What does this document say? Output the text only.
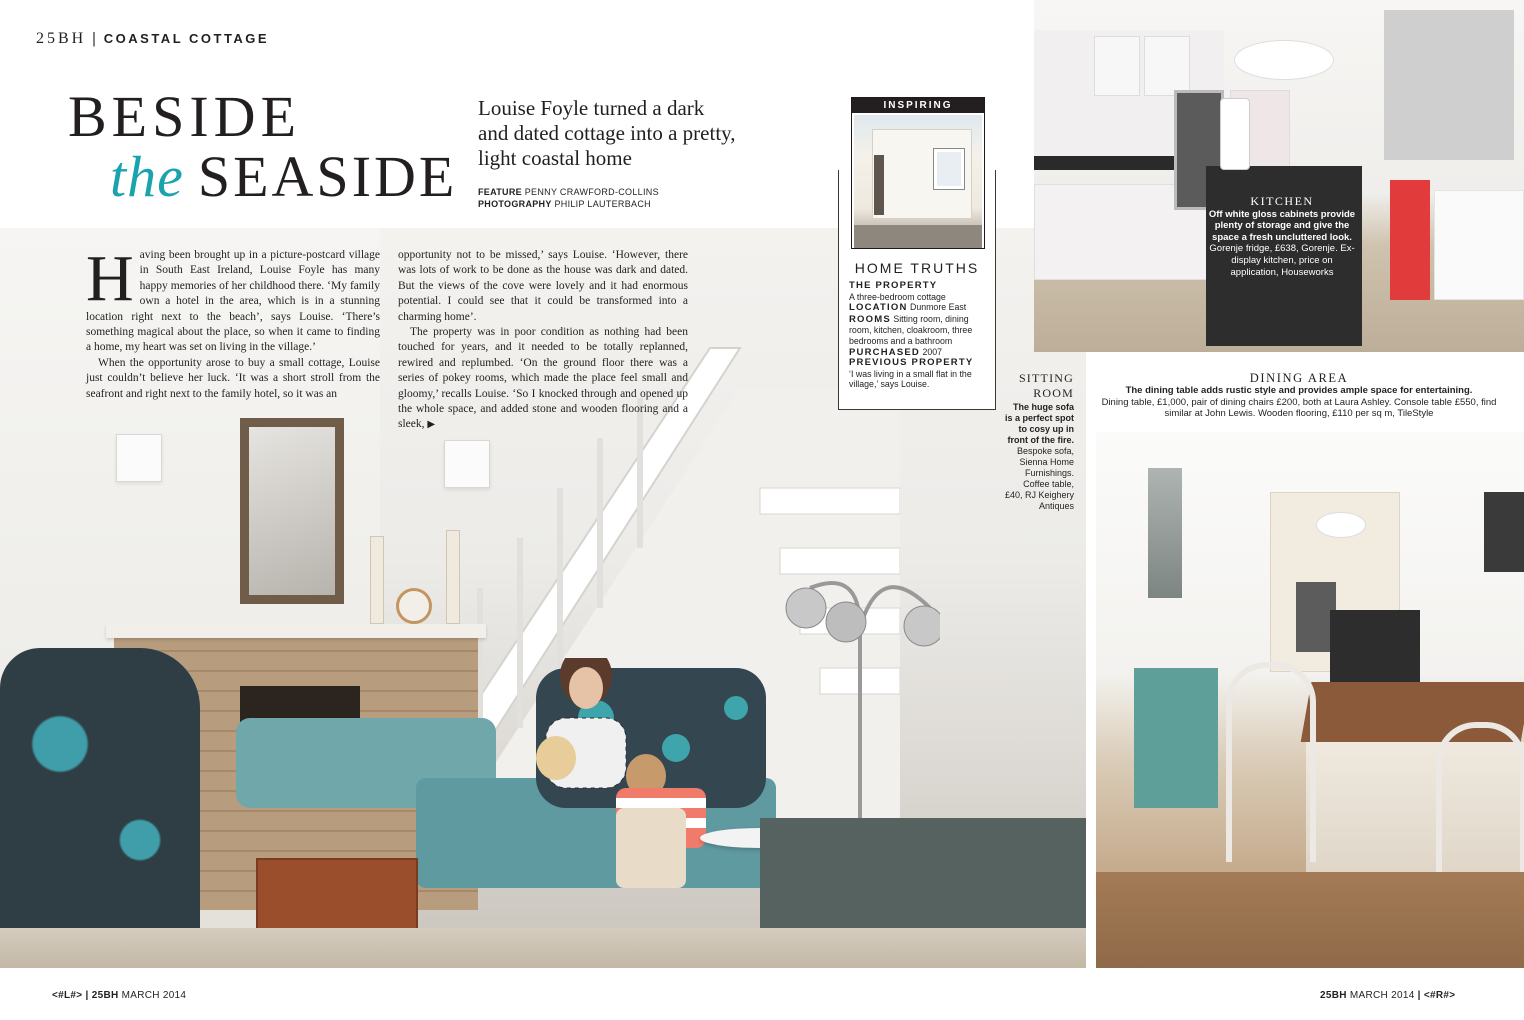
25BH | COASTAL COTTAGE
BESIDE
the SEASIDE
Louise Foyle turned a dark and dated cottage into a pretty, light coastal home
FEATURE PENNY CRAWFORD-COLLINS
PHOTOGRAPHY PHILIP LAUTERBACH

Having been brought up in a picture-postcard village in South East Ireland, Louise Foyle has many happy memories of her childhood there. ‘My family own a hotel in the area, which is in a stunning location right next to the beach’, says Louise. ‘There’s something magical about the place, so when it came to finding a home, my heart was set on living in the village.’

When the opportunity arose to buy a small cottage, Louise just couldn’t believe her luck. ‘It was a short stroll from the seafront and right next to the family hotel, so it was an

opportunity not to be missed,’ says Louise. ‘However, there was lots of work to be done as the house was dark and dated. But the views of the cove were lovely and it had enormous potential. I could see that it could be transformed into a charming home’.

The property was in poor condition as nothing had been touched for years, and it needed to be totally replanned, rewired and replumbed. ‘On the ground floor there was a series of pokey rooms, which made the place feel small and gloomy,’ recalls Louise. ‘So I knocked through and opened up the whole space, and added stone and wooden flooring and a sleek, ▶

INSPIRING
HOME TRUTHS
THE PROPERTY
A three-bedroom cottage
LOCATION Dunmore East
ROOMS Sitting room, dining room, kitchen, cloakroom, three bedrooms and a bathroom
PURCHASED 2007
PREVIOUS PROPERTY
‘I was living in a small flat in the village,’ says Louise.	SITTING
ROOM
The huge sofa is a perfect spot to cosy up in front of the fire. Bespoke sofa, Sienna Home Furnishings. Coffee table, £40, RJ Keighery Antiques
KITCHEN
Off white gloss cabinets provide plenty of storage and give the space a fresh uncluttered look.
Gorenje fridge, £638, Gorenje. Ex-display kitchen, price on application, Houseworks
DINING AREA
The dining table adds rustic style and provides ample space for entertaining.
Dining table, £1,000, pair of dining chairs £200, both at Laura Ashley. Console table £550, find similar at John Lewis. Wooden flooring, £110 per sq m, TileStyle
<#L#> | 25BH MARCH 2014	25BH MARCH 2014 | <#R#>
